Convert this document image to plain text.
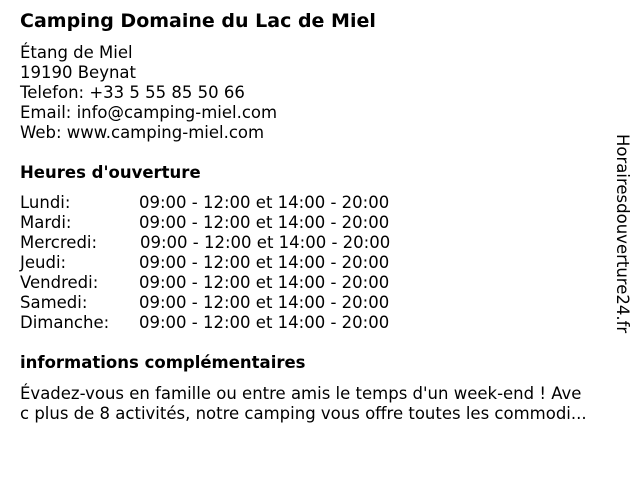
Camping Domaine du Lac de Miel
Étang de Miel
19190 Beynat
Telefon: +33 5 55 85 50 66
Email: info@camping-miel.com
Web: www.camping-miel.com
Heures d'ouverture
Lundi:	09:00 - 12:00 et 14:00 - 20:00
Mardi:	09:00 - 12:00 et 14:00 - 20:00
Mercredi:	09:00 - 12:00 et 14:00 - 20:00
Jeudi:	09:00 - 12:00 et 14:00 - 20:00
Vendredi: 09:00 - 12:00 et 14:00 - 20:00
Samedi:	09:00 - 12:00 et 14:00 - 20:00
Dimanche: 09:00 - 12:00 et 14:00 - 20:00
informations complémentaires
Évadez-vous en famille ou entre amis le temps d'un week-end ! Ave
c plus de 8 activités, notre camping vous offre toutes les commodi...
Horairesdouverture24.fr
